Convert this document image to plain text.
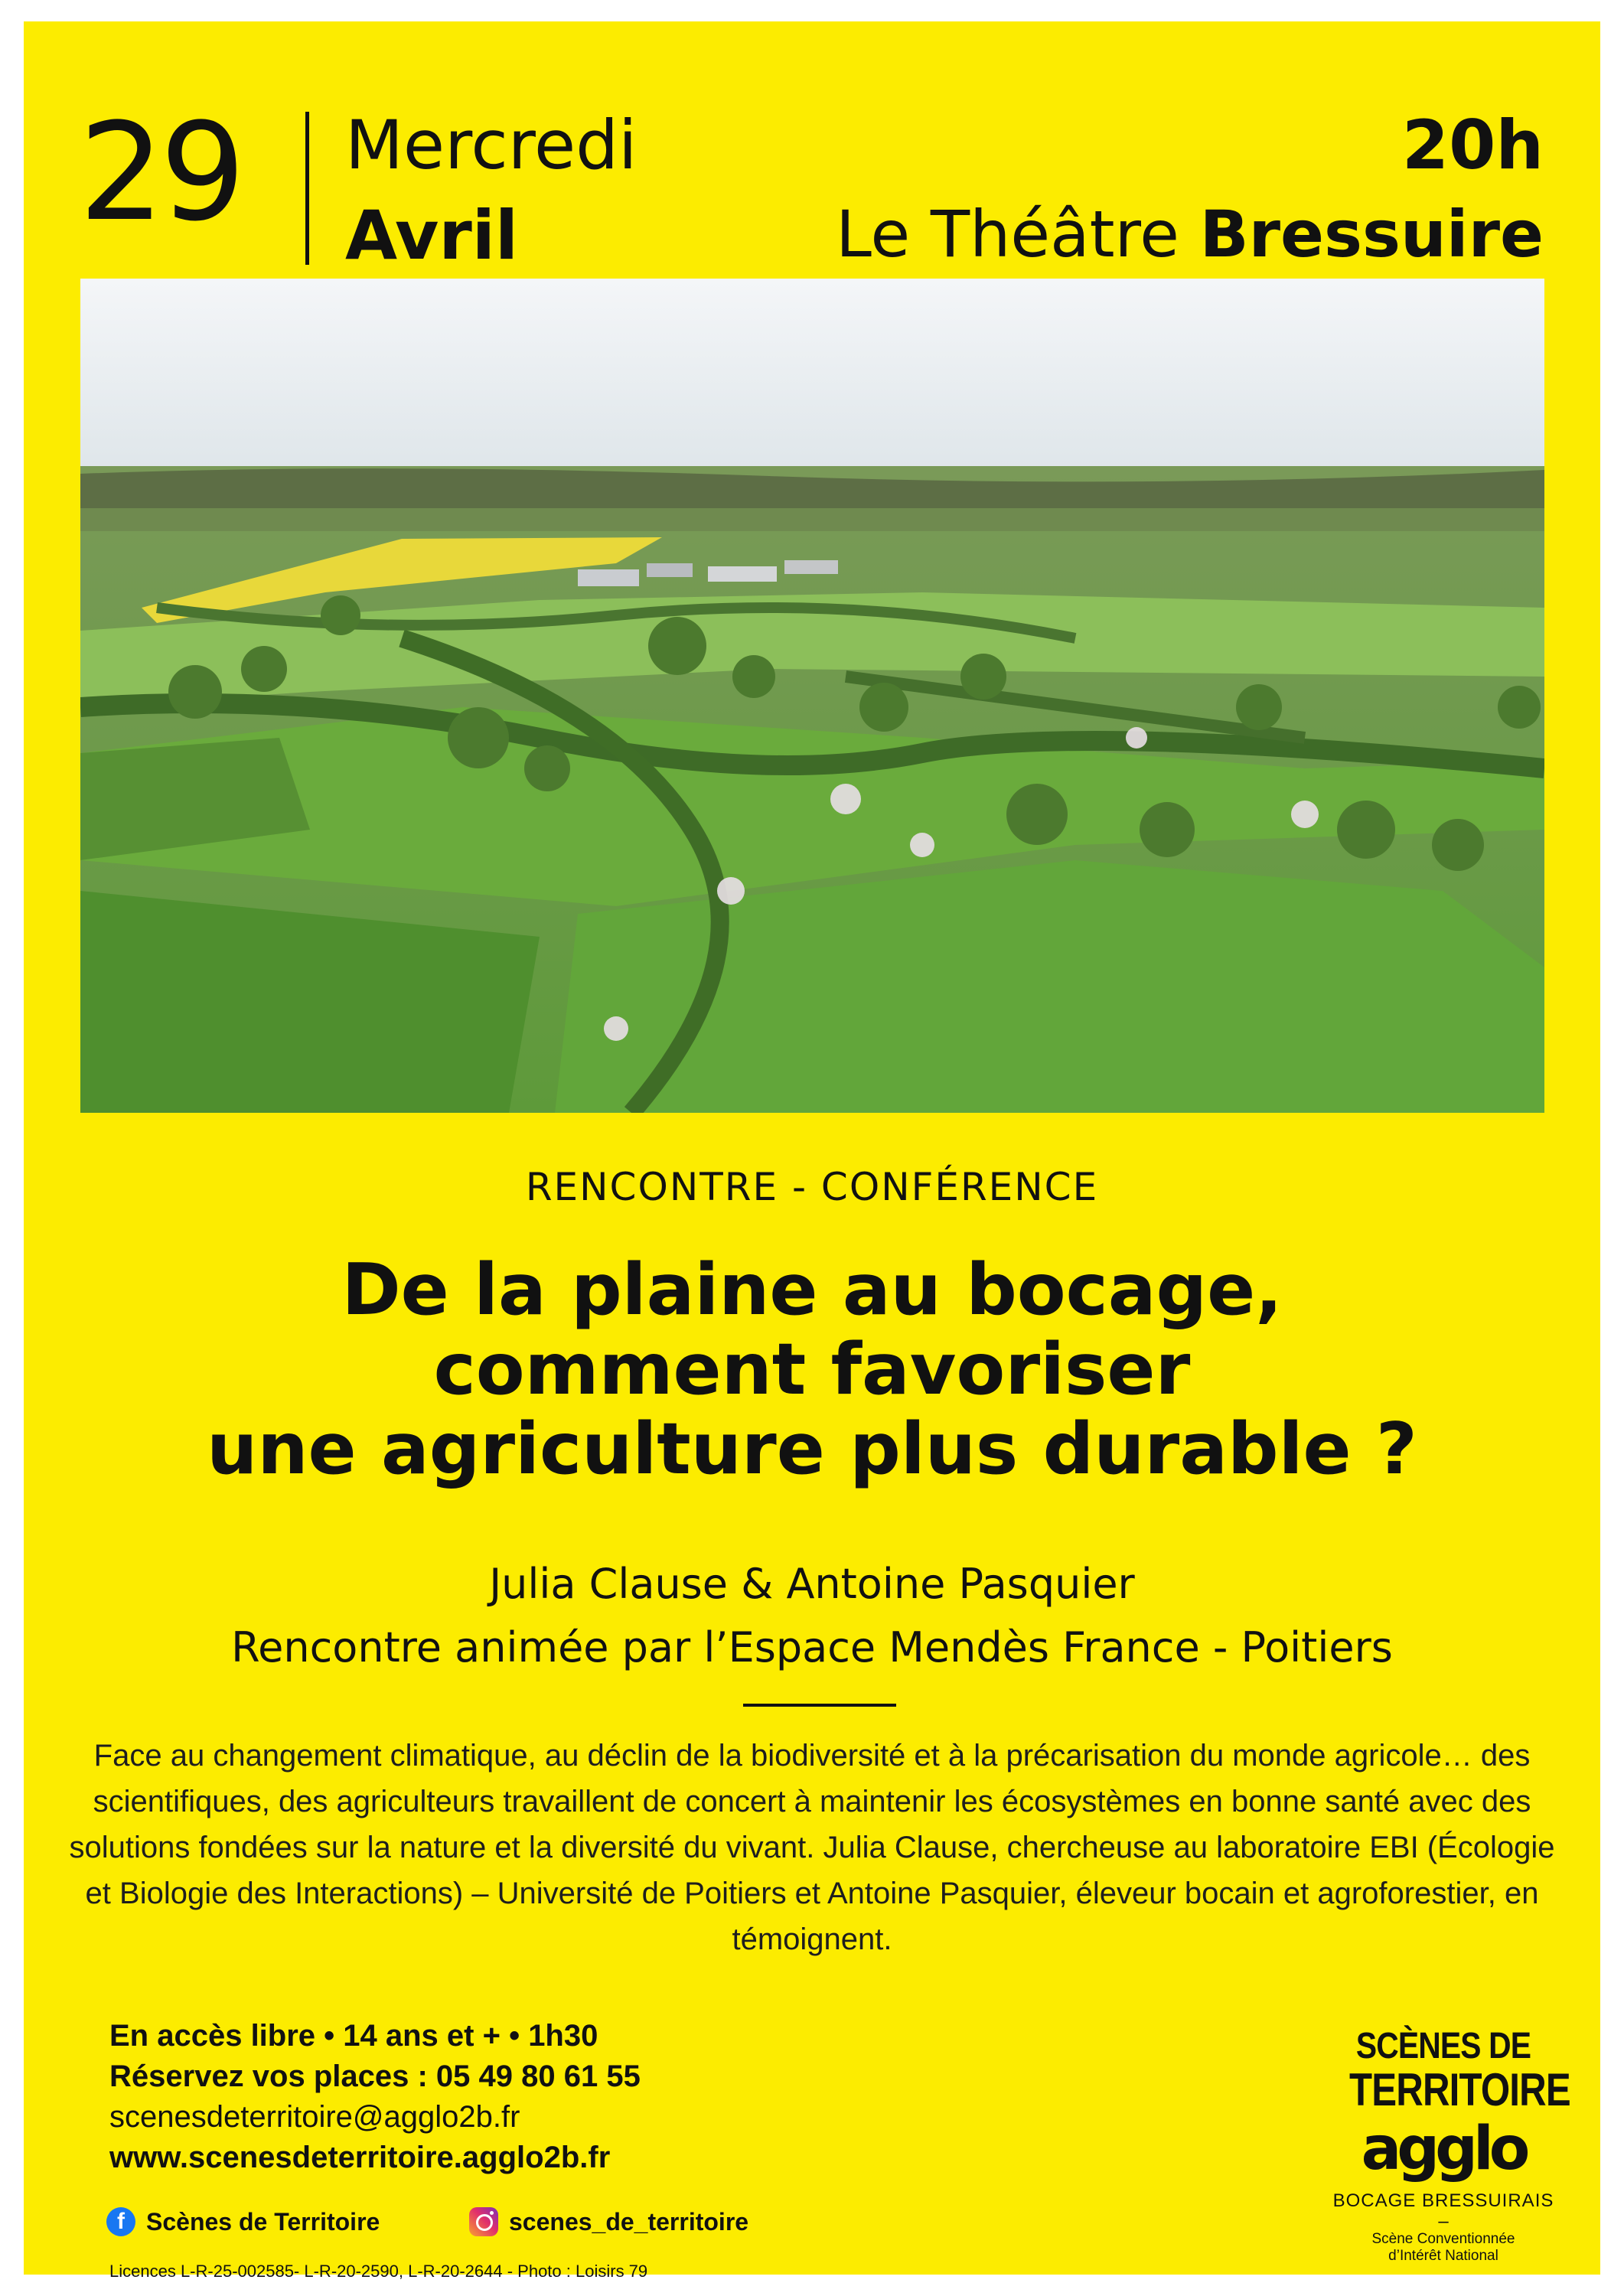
29 Mercredi
Avril
20h
Le Théâtre Bressuire
RENCONTRE - CONFÉRENCE
De la plaine au bocage,
comment favoriser
une agriculture plus durable ?
Julia Clause & Antoine Pasquier
Rencontre animée par l’Espace Mendès France - Poitiers
Face au changement climatique, au déclin de la biodiversité et à la précarisation du monde agricole… des scientifiques, des agriculteurs travaillent de concert à maintenir les écosystèmes en bonne santé avec des solutions fondées sur la nature et la diversité du vivant. Julia Clause, chercheuse au laboratoire EBI (Écologie et Biologie des Interactions) – Université de Poitiers et Antoine Pasquier, éleveur bocain et agroforestier, en témoignent.
En accès libre • 14 ans et + • 1h30
Réservez vos places : 05 49 80 61 55
scenesdeterritoire@agglo2b.fr
www.scenesdeterritoire.agglo2b.fr
f Scènes de Territoire	scenes_de_territoire
Licences L-R-25-002585- L-R-20-2590, L-R-20-2644 - Photo : Loisirs 79
SCÈNES DE
TERRITOIRE
agglo
BOCAGE BRESSUIRAIS
–
Scène Conventionnée
d’Intérêt National
